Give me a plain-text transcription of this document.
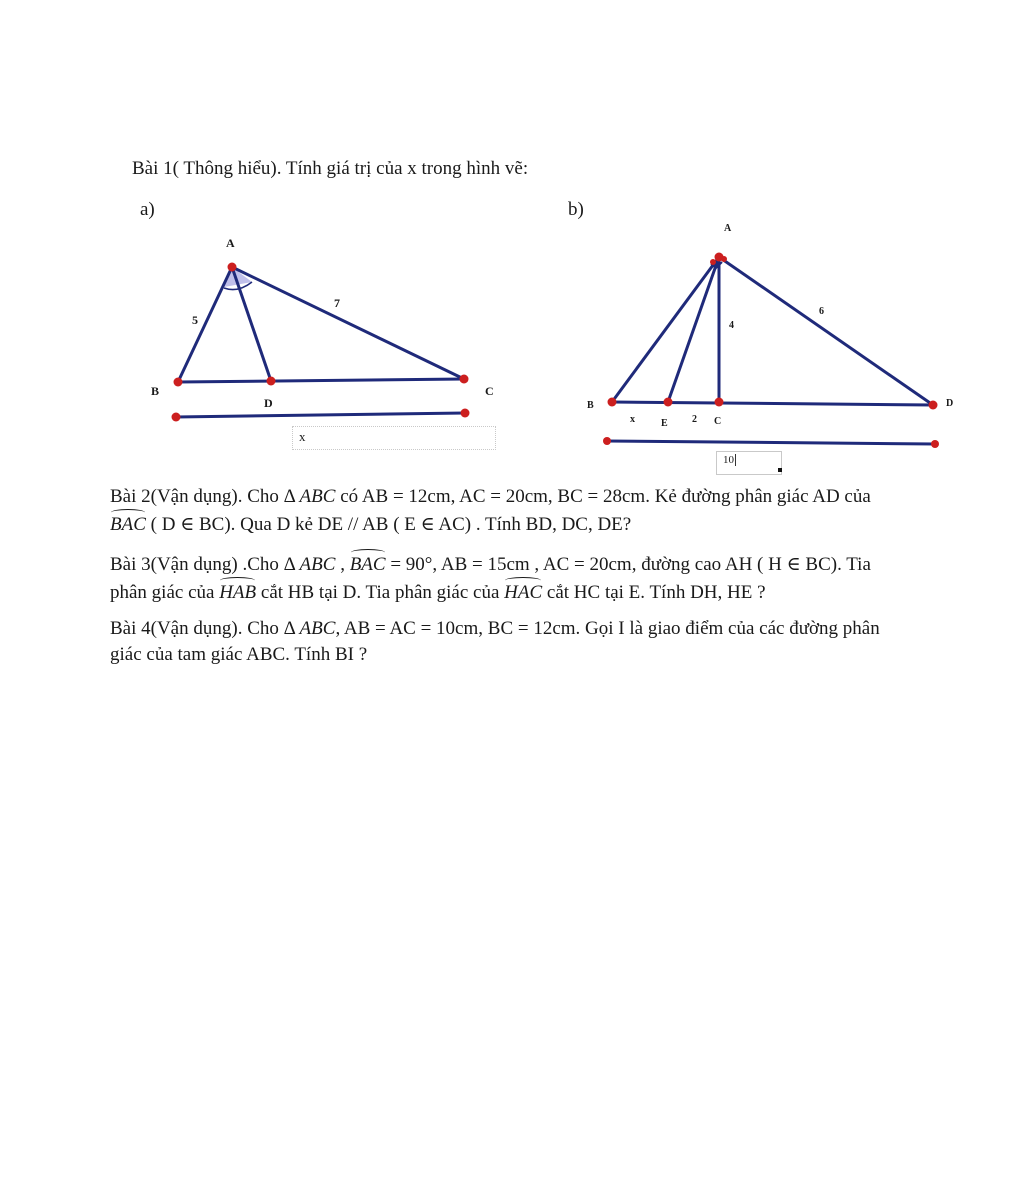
Bài 1( Thông hiểu). Tính giá trị của x trong hình vẽ:
a)	b)
A
B	C
D
5
7
x
A
B
E	C
D
4
6
x	2
10
Bài 2(Vận dụng). Cho Δ ABC có AB = 12cm, AC = 20cm, BC = 28cm. Kẻ đường phân giác AD của
BAC ( D ∈ BC). Qua D kẻ DE // AB ( E ∈ AC) . Tính BD, DC, DE?
Bài 3(Vận dụng) .Cho Δ ABC , BAC = 90°, AB = 15cm , AC = 20cm, đường cao AH ( H ∈ BC). Tia
phân giác của HAB cắt HB tại D. Tia phân giác của HAC cắt HC tại E. Tính DH, HE ?
Bài 4(Vận dụng). Cho Δ ABC, AB = AC = 10cm, BC = 12cm. Gọi I là giao điểm của các đường phân
giác của tam giác ABC. Tính BI ?
